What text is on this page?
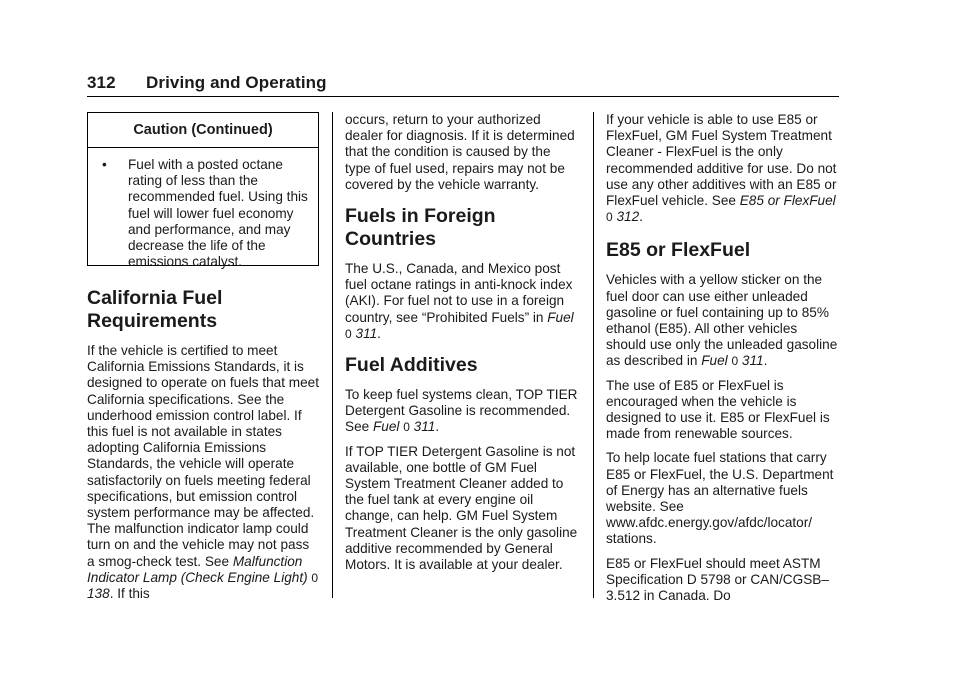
312 Driving and Operating
Caution (Continued)
• Fuel with a posted octane rating of less than the recommended fuel. Using this fuel will lower fuel economy and performance, and may decrease the life of the emissions catalyst.
California Fuel Requirements

If the vehicle is certified to meet California Emissions Standards, it is designed to operate on fuels that meet California specifications. See the underhood emission control label. If this fuel is not available in states adopting California Emissions Standards, the vehicle will operate satisfactorily on fuels meeting federal specifications, but emission control system performance may be affected. The malfunction indicator lamp could turn on and the vehicle may not pass a smog-check test. See Malfunction Indicator Lamp (Check Engine Light) 0 138. If this

occurs, return to your authorized dealer for diagnosis. If it is determined that the condition is caused by the type of fuel used, repairs may not be covered by the vehicle warranty.

Fuels in Foreign Countries

The U.S., Canada, and Mexico post fuel octane ratings in anti-knock index (AKI). For fuel not to use in a foreign country, see “Prohibited Fuels” in Fuel 0 311.

Fuel Additives

To keep fuel systems clean, TOP TIER Detergent Gasoline is recommended. See Fuel 0 311.

If TOP TIER Detergent Gasoline is not available, one bottle of GM Fuel System Treatment Cleaner added to the fuel tank at every engine oil change, can help. GM Fuel System Treatment Cleaner is the only gasoline additive recommended by General Motors. It is available at your dealer.

If your vehicle is able to use E85 or FlexFuel, GM Fuel System Treatment Cleaner - FlexFuel is the only recommended additive for use. Do not use any other additives with an E85 or FlexFuel vehicle. See E85 or FlexFuel 0 312.

E85 or FlexFuel

Vehicles with a yellow sticker on the fuel door can use either unleaded gasoline or fuel containing up to 85% ethanol (E85). All other vehicles should use only the unleaded gasoline as described in Fuel 0 311.

The use of E85 or FlexFuel is encouraged when the vehicle is designed to use it. E85 or FlexFuel is made from renewable sources.

To help locate fuel stations that carry E85 or FlexFuel, the U.S. Department of Energy has an alternative fuels website. See www.afdc.energy.gov/afdc/locator/ stations.

E85 or FlexFuel should meet ASTM Specification D 5798 or CAN/CGSB–3.512 in Canada. Do
